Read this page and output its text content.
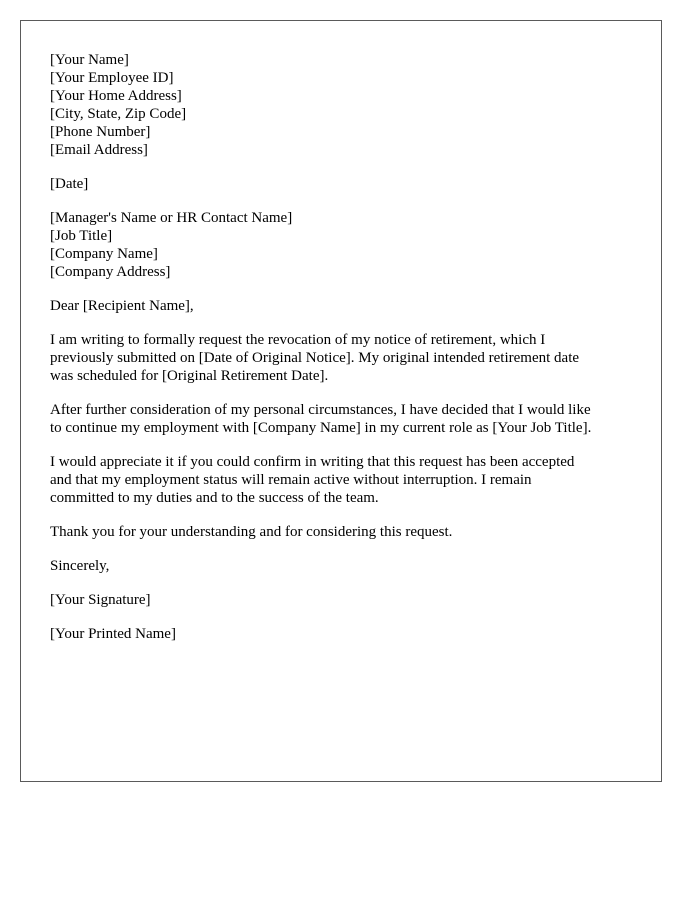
[Your Name]
[Your Employee ID]
[Your Home Address]
[City, State, Zip Code]
[Phone Number]
[Email Address]
[Date]
[Manager's Name or HR Contact Name]
[Job Title]
[Company Name]
[Company Address]

Dear [Recipient Name],

I am writing to formally request the revocation of my notice of retirement, which I
previously submitted on [Date of Original Notice]. My original intended retirement date
was scheduled for [Original Retirement Date].

After further consideration of my personal circumstances, I have decided that I would like
to continue my employment with [Company Name] in my current role as [Your Job Title].

I would appreciate it if you could confirm in writing that this request has been accepted
and that my employment status will remain active without interruption. I remain
committed to my duties and to the success of the team.

Thank you for your understanding and for considering this request.

Sincerely,

[Your Signature]

[Your Printed Name]
